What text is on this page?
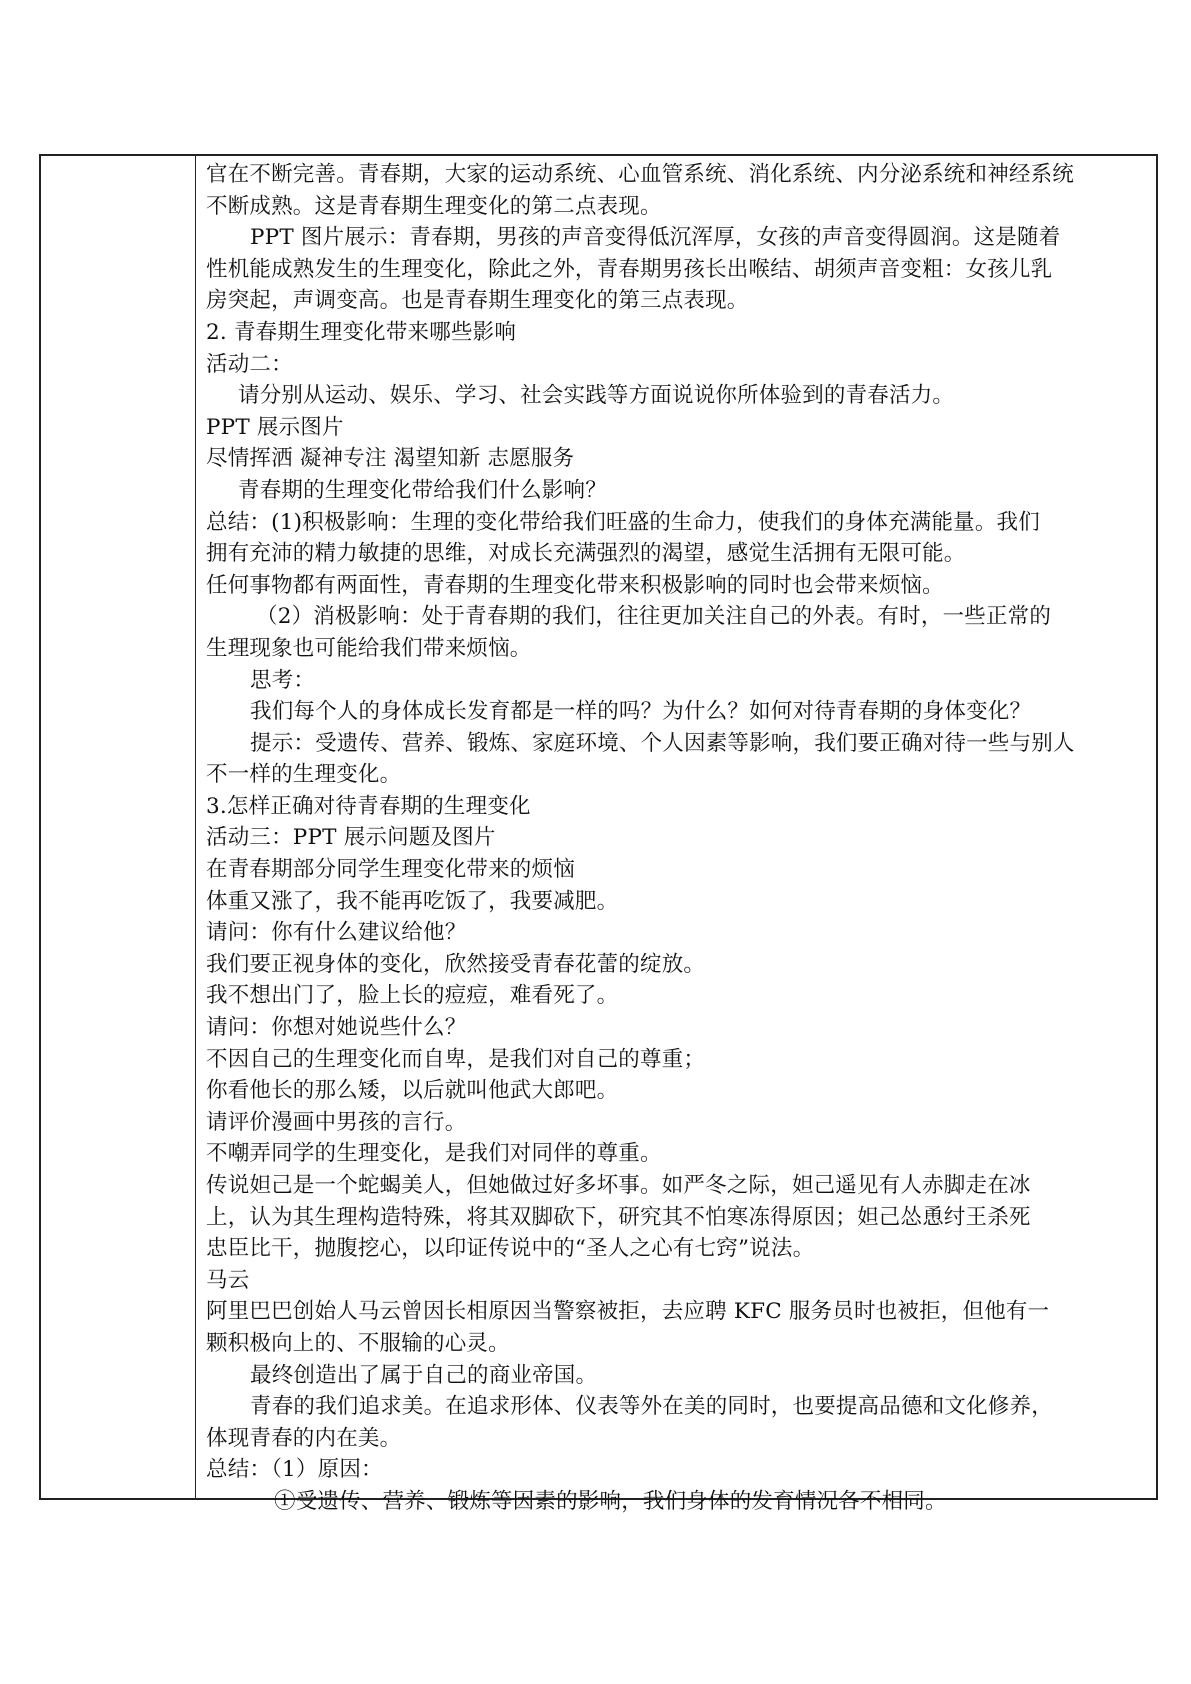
官在不断完善。青春期，大家的运动系统、心血管系统、消化系统、内分泌系统和神经系统
不断成熟。这是青春期生理变化的第二点表现。
PPT 图片展示：青春期，男孩的声音变得低沉浑厚，女孩的声音变得圆润。这是随着
性机能成熟发生的生理变化，除此之外，青春期男孩长出喉结、胡须声音变粗：女孩儿乳
房突起，声调变高。也是青春期生理变化的第三点表现。
2. 青春期生理变化带来哪些影响
活动二：
请分别从运动、娱乐、学习、社会实践等方面说说你所体验到的青春活力。
PPT 展示图片
尽情挥洒 凝神专注 渴望知新 志愿服务
青春期的生理变化带给我们什么影响？
总结：(1)积极影响：生理的变化带给我们旺盛的生命力，使我们的身体充满能量。我们
拥有充沛的精力敏捷的思维，对成长充满强烈的渴望，感觉生活拥有无限可能。
任何事物都有两面性，青春期的生理变化带来积极影响的同时也会带来烦恼。
（2）消极影响：处于青春期的我们，往往更加关注自己的外表。有时，一些正常的
生理现象也可能给我们带来烦恼。
思考：
我们每个人的身体成长发育都是一样的吗？为什么？如何对待青春期的身体变化？
提示：受遗传、营养、锻炼、家庭环境、个人因素等影响，我们要正确对待一些与别人
不一样的生理变化。
3.怎样正确对待青春期的生理变化
活动三：PPT 展示问题及图片
在青春期部分同学生理变化带来的烦恼
体重又涨了，我不能再吃饭了，我要减肥。
请问：你有什么建议给他？
我们要正视身体的变化，欣然接受青春花蕾的绽放。
我不想出门了，脸上长的痘痘，难看死了。
请问：你想对她说些什么？
不因自己的生理变化而自卑，是我们对自己的尊重；
你看他长的那么矮，以后就叫他武大郎吧。
请评价漫画中男孩的言行。
不嘲弄同学的生理变化，是我们对同伴的尊重。
传说妲己是一个蛇蝎美人，但她做过好多坏事。如严冬之际，妲己遥见有人赤脚走在冰
上，认为其生理构造特殊，将其双脚砍下，研究其不怕寒冻得原因；妲己怂恿纣王杀死
忠臣比干，抛腹挖心，以印证传说中的“圣人之心有七窍”说法。
马云
阿里巴巴创始人马云曾因长相原因当警察被拒，去应聘 KFC 服务员时也被拒，但他有一
颗积极向上的、不服输的心灵。
最终创造出了属于自己的商业帝国。
青春的我们追求美。在追求形体、仪表等外在美的同时，也要提高品德和文化修养，
体现青春的内在美。
总结：（1）原因：
①受遗传、营养、锻炼等因素的影响，我们身体的发育情况各不相同。
